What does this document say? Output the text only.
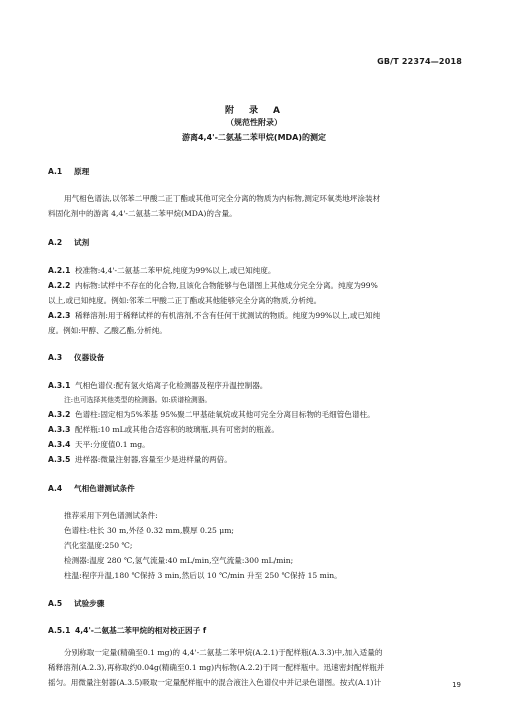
GB/T 22374—2018
附　录　A
（规范性附录）
游离4,4'-二氨基二苯甲烷(MDA)的测定
A.1 原理
用气相色谱法,以邻苯二甲酸二正丁酯或其他可完全分离的物质为内标物,测定环氧类地坪涂装材
料固化剂中的游离 4,4'-二氨基二苯甲烷(MDA)的含量。
A.2 试剂
A.2.1 校准物:4,4'-二氨基二苯甲烷,纯度为99%以上,或已知纯度。
A.2.2 内标物:试样中不存在的化合物,且该化合物能够与色谱图上其他成分完全分离。纯度为99%
以上,或已知纯度。例如:邻苯二甲酸二正丁酯或其他能够完全分离的物质,分析纯。
A.2.3 稀释溶剂:用于稀释试样的有机溶剂,不含有任何干扰测试的物质。纯度为99%以上,或已知纯
度。例如:甲醇、乙酸乙酯,分析纯。
A.3 仪器设备
A.3.1 气相色谱仪:配有氢火焰离子化检测器及程序升温控制器。
注:也可选择其他类型的检测器。如:质谱检测器。
A.3.2 色谱柱:固定相为5%苯基 95%聚二甲基硅氧烷或其他可完全分离目标物的毛细管色谱柱。
A.3.3 配样瓶:10 mL或其他合适容积的玻璃瓶,具有可密封的瓶盖。
A.3.4 天平:分度值0.1 mg。
A.3.5 进样器:微量注射器,容量至少是进样量的两倍。
A.4 气相色谱测试条件
推荐采用下列色谱测试条件:
色谱柱:柱长 30 m,外径 0.32 mm,膜厚 0.25 μm;
汽化室温度:250 ℃;
检测器:温度 280 ℃,氢气流量:40 mL/min,空气流量:300 mL/min;
柱温:程序升温,180 ℃保持 3 min,然后以 10 ℃/min 升至 250 ℃保持 15 min。
A.5 试验步骤
A.5.1 4,4'-二氨基二苯甲烷的相对校正因子 f
分别称取一定量(精确至0.1 mg)的 4,4'-二氨基二苯甲烷(A.2.1)于配样瓶(A.3.3)中,加入适量的
稀释溶剂(A.2.3),再称取约0.04g(精确至0.1 mg)内标物(A.2.2)于同一配样瓶中。迅速密封配样瓶并
摇匀。用微量注射器(A.3.5)吸取一定量配样瓶中的混合液注入色谱仪中并记录色谱图。按式(A.1)计	19
